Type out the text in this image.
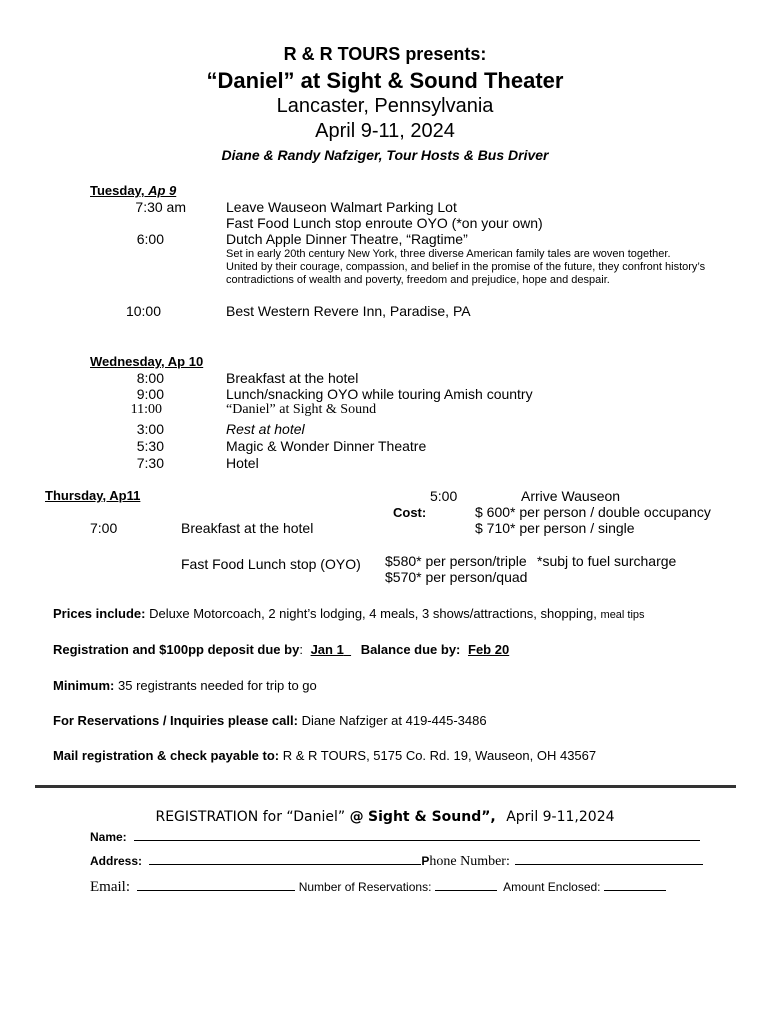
R & R TOURS presents:
“Daniel” at Sight & Sound Theater
Lancaster, Pennsylvania
April 9-11, 2024
Diane & Randy Nafziger, Tour Hosts & Bus Driver
Tuesday, Ap 9
7:30 am	Leave Wauseon Walmart Parking Lot
Fast Food Lunch stop enroute OYO (*on your own)
6:00	Dutch Apple Dinner Theatre, “Ragtime”
Set in early 20th century New York, three diverse American family tales are woven together.
United by their courage, compassion, and belief in the promise of the future, they confront history’s
contradictions of wealth and poverty, freedom and prejudice, hope and despair.
10:00	Best Western Revere Inn, Paradise, PA
Wednesday, Ap 10
8:00	Breakfast at the hotel
9:00	Lunch/snacking OYO while touring Amish country
11:00	“Daniel” at Sight & Sound
3:00	Rest at hotel
5:30	Magic & Wonder Dinner Theatre
7:30	Hotel
Thursday, Ap11	5:00	Arrive Wauseon
Cost:	$ 600* per person / double occupancy
$ 710* per person / single
7:00	Breakfast at the hotel
Fast Food Lunch stop (OYO) $580* per person/triple *subj to fuel surcharge
$570* per person/quad
Prices include: Deluxe Motorcoach, 2 night’s lodging, 4 meals, 3 shows/attractions, shopping, meal tips
Registration and $100pp deposit due by: Jan 1 Balance due by: Feb 20
Minimum: 35 registrants needed for trip to go
For Reservations / Inquiries please call: Diane Nafziger at 419-445-3486
Mail registration & check payable to: R & R TOURS, 5175 Co. Rd. 19, Wauseon, OH 43567
REGISTRATION for “Daniel” @ Sight & Sound”, April 9-11,2024
Name:
Address:	Phone Number:
Email:	Number of Reservations:	Amount Enclosed:
